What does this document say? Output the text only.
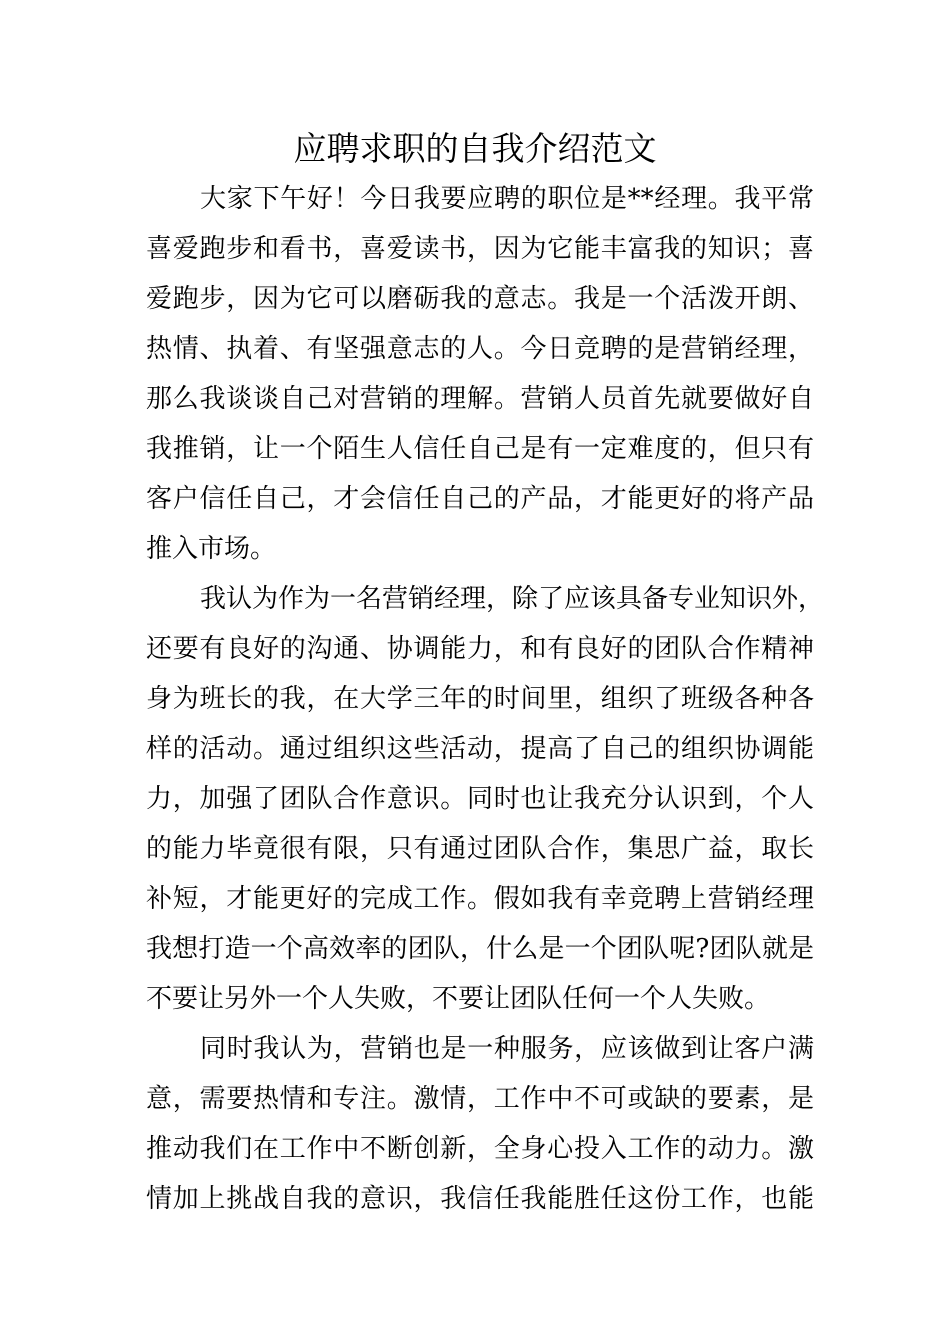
应聘求职的自我介绍范文
大家下午好！今日我要应聘的职位是**经理。我平常
喜爱跑步和看书，喜爱读书，因为它能丰富我的知识；喜
爱跑步，因为它可以磨砺我的意志。我是一个活泼开朗、
热情、执着、有坚强意志的人。今日竞聘的是营销经理，
那么我谈谈自己对营销的理解。营销人员首先就要做好自
我推销，让一个陌生人信任自己是有一定难度的，但只有
客户信任自己，才会信任自己的产品，才能更好的将产品
推入市场。
我认为作为一名营销经理，除了应该具备专业知识外，
还要有良好的沟通、协调能力，和有良好的团队合作精神
身为班长的我，在大学三年的时间里，组织了班级各种各
样的活动。通过组织这些活动，提高了自己的组织协调能
力，加强了团队合作意识。同时也让我充分认识到，个人
的能力毕竟很有限，只有通过团队合作，集思广益，取长
补短，才能更好的完成工作。假如我有幸竞聘上营销经理
我想打造一个高效率的团队，什么是一个团队呢?团队就是
不要让另外一个人失败，不要让团队任何一个人失败。
同时我认为，营销也是一种服务，应该做到让客户满
意，需要热情和专注。激情，工作中不可或缺的要素，是
推动我们在工作中不断创新，全身心投入工作的动力。激
情加上挑战自我的意识，我信任我能胜任这份工作，也能
